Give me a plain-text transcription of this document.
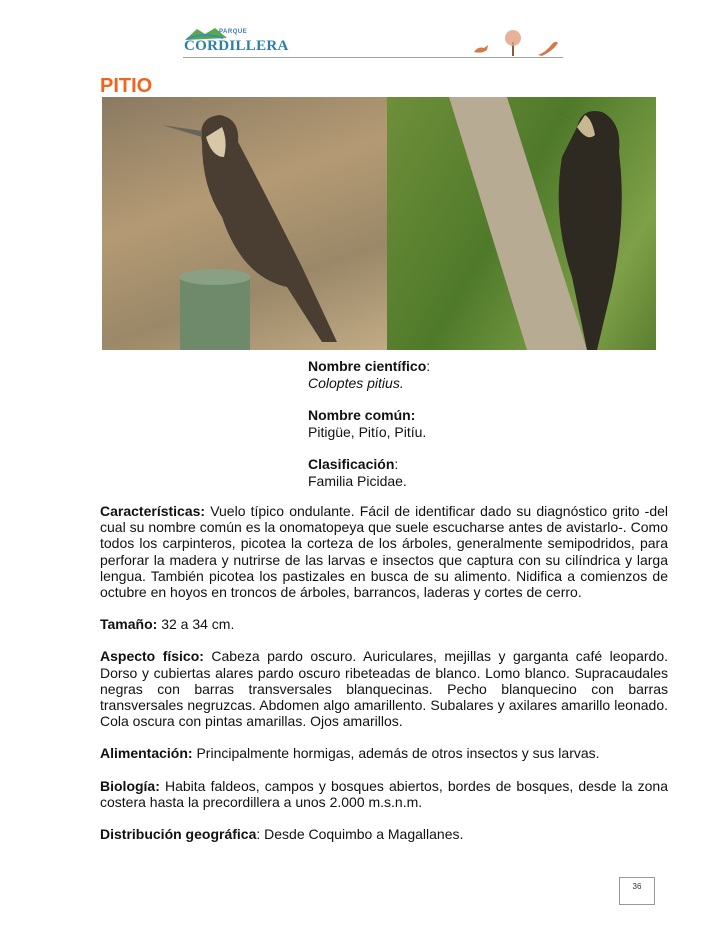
PARQUE
CORDILLERA
PITIO

Nombre científico:
Coloptes pitius.

Nombre común:
Pitigüe, Pitío, Pitíu.

Clasificación:
Familia Picidae.

Características: Vuelo típico ondulante. Fácil de identificar dado su diagnóstico grito -del cual su nombre común es la onomatopeya que suele escucharse antes de avistarlo-. Como todos los carpinteros, picotea la corteza de los árboles, generalmente semipodridos, para perforar la madera y nutrirse de las larvas e insectos que captura con su cilíndrica y larga lengua. También picotea los pastizales en busca de su alimento. Nidifica a comienzos de octubre en hoyos en troncos de árboles, barrancos, laderas y cortes de cerro.

Tamaño: 32 a 34 cm.

Aspecto físico: Cabeza pardo oscuro. Auriculares, mejillas y garganta café leopardo. Dorso y cubiertas alares pardo oscuro ribeteadas de blanco. Lomo blanco. Supracaudales negras con barras transversales blanquecinas. Pecho blanquecino con barras transversales negruzcas. Abdomen algo amarillento. Subalares y axilares amarillo leonado. Cola oscura con pintas amarillas. Ojos amarillos.

Alimentación: Principalmente hormigas, además de otros insectos y sus larvas.

Biología: Habita faldeos, campos y bosques abiertos, bordes de bosques, desde la zona costera hasta la precordillera a unos 2.000 m.s.n.m.

Distribución geográfica: Desde Coquimbo a Magallanes.

36
